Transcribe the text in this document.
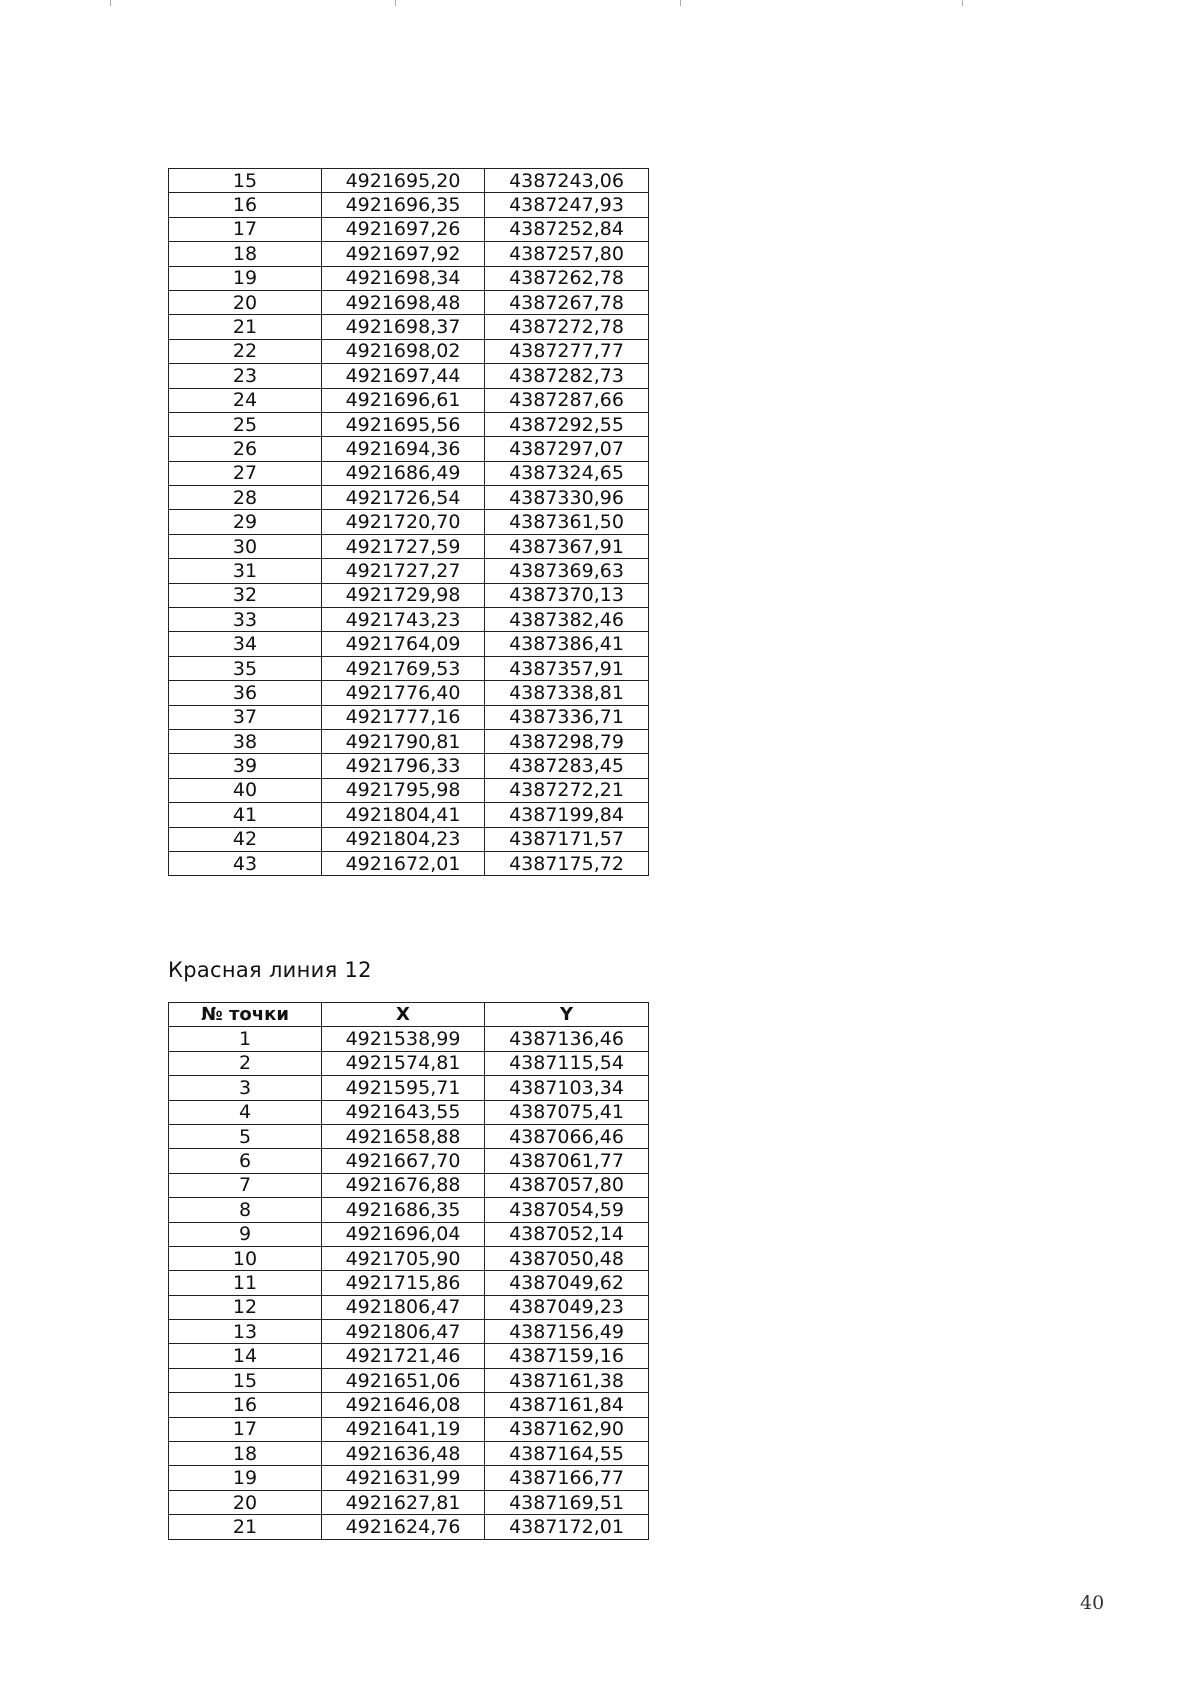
15	4921695,20	4387243,06
16	4921696,35	4387247,93
17	4921697,26	4387252,84
18	4921697,92	4387257,80
19	4921698,34	4387262,78
20	4921698,48	4387267,78
21	4921698,37	4387272,78
22	4921698,02	4387277,77
23	4921697,44	4387282,73
24	4921696,61	4387287,66
25	4921695,56	4387292,55
26	4921694,36	4387297,07
27	4921686,49	4387324,65
28	4921726,54	4387330,96
29	4921720,70	4387361,50
30	4921727,59	4387367,91
31	4921727,27	4387369,63
32	4921729,98	4387370,13
33	4921743,23	4387382,46
34	4921764,09	4387386,41
35	4921769,53	4387357,91
36	4921776,40	4387338,81
37	4921777,16	4387336,71
38	4921790,81	4387298,79
39	4921796,33	4387283,45
40	4921795,98	4387272,21
41	4921804,41	4387199,84
42	4921804,23	4387171,57
43	4921672,01	4387175,72
Красная линия 12
№ точки	X	Y
1	4921538,99	4387136,46
2	4921574,81	4387115,54
3	4921595,71	4387103,34
4	4921643,55	4387075,41
5	4921658,88	4387066,46
6	4921667,70	4387061,77
7	4921676,88	4387057,80
8	4921686,35	4387054,59
9	4921696,04	4387052,14
10	4921705,90	4387050,48
11	4921715,86	4387049,62
12	4921806,47	4387049,23
13	4921806,47	4387156,49
14	4921721,46	4387159,16
15	4921651,06	4387161,38
16	4921646,08	4387161,84
17	4921641,19	4387162,90
18	4921636,48	4387164,55
19	4921631,99	4387166,77
20	4921627,81	4387169,51
21	4921624,76	4387172,01
40
